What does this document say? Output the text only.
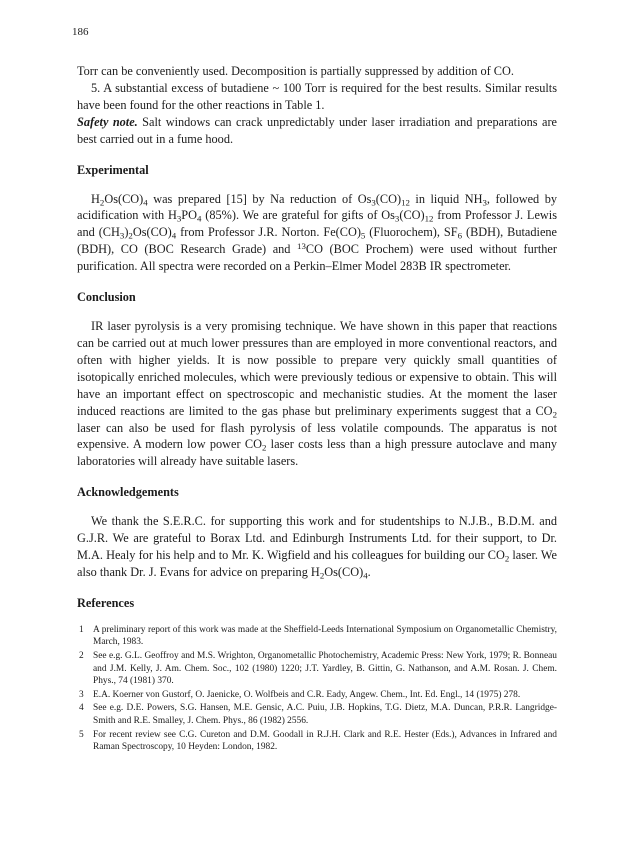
186

Torr can be conveniently used. Decomposition is partially suppressed by addition of CO.

5. A substantial excess of butadiene ~ 100 Torr is required for the best results. Similar results have been found for the other reactions in Table 1.

Safety note. Salt windows can crack unpredictably under laser irradiation and preparations are best carried out in a fume hood.

Experimental

$H_2Os(CO)_4$ was prepared [15] by Na reduction of $Os_3(CO)_{12}$ in liquid $NH_3$, followed by acidification with $H_3PO_4$ (85%). We are grateful for gifts of $Os_3(CO)_{12}$ from Professor J. Lewis and $(CH_3)_2Os(CO)_4$ from Professor J.R. Norton. $Fe(CO)_5$ (Fluorochem), $SF_6$ (BDH), Butadiene (BDH), CO (BOC Research Grade) and $^{13}$CO (BOC Prochem) were used without further purification. All spectra were recorded on a Perkin–Elmer Model 283B IR spectrometer.

Conclusion

IR laser pyrolysis is a very promising technique. We have shown in this paper that reactions can be carried out at much lower pressures than are employed in more conventional reactors, and often with higher yields. It is now possible to prepare very quickly small quantities of isotopically enriched molecules, which were previously tedious or expensive to obtain. This will have an important effect on spectroscopic and mechanistic studies. At the moment the laser induced reactions are limited to the gas phase but preliminary experiments suggest that a $CO_2$ laser can also be used for flash pyrolysis of less volatile compounds. The apparatus is not expensive. A modern low power $CO_2$ laser costs less than a high pressure autoclave and many laboratories will already have suitable lasers.

Acknowledgements

We thank the S.E.R.C. for supporting this work and for studentships to N.J.B., B.D.M. and G.J.R. We are grateful to Borax Ltd. and Edinburgh Instruments Ltd. for their support, to Dr. M.A. Healy for his help and to Mr. K. Wigfield and his colleagues for building our $CO_2$ laser. We also thank Dr. J. Evans for advice on preparing $H_2Os(CO)_4$.

References
1 A preliminary report of this work was made at the Sheffield-Leeds International Symposium on Organometallic Chemistry, March, 1983.
2 See e.g. G.L. Geoffroy and M.S. Wrighton, Organometallic Photochemistry, Academic Press: New York, 1979; R. Bonneau and J.M. Kelly, J. Am. Chem. Soc., 102 (1980) 1220; J.T. Yardley, B. Gittin, G. Nathanson, and A.M. Rosan. J. Chem. Phys., 74 (1981) 370.
3 E.A. Koerner von Gustorf, O. Jaenicke, O. Wolfbeis and C.R. Eady, Angew. Chem., Int. Ed. Engl., 14 (1975) 278.
4 See e.g. D.E. Powers, S.G. Hansen, M.E. Gensic, A.C. Puiu, J.B. Hopkins, T.G. Dietz, M.A. Duncan, P.R.R. Langridge-Smith and R.E. Smalley, J. Chem. Phys., 86 (1982) 2556.
5 For recent review see C.G. Cureton and D.M. Goodall in R.J.H. Clark and R.E. Hester (Eds.), Advances in Infrared and Raman Spectroscopy, 10 Heyden: London, 1982.
